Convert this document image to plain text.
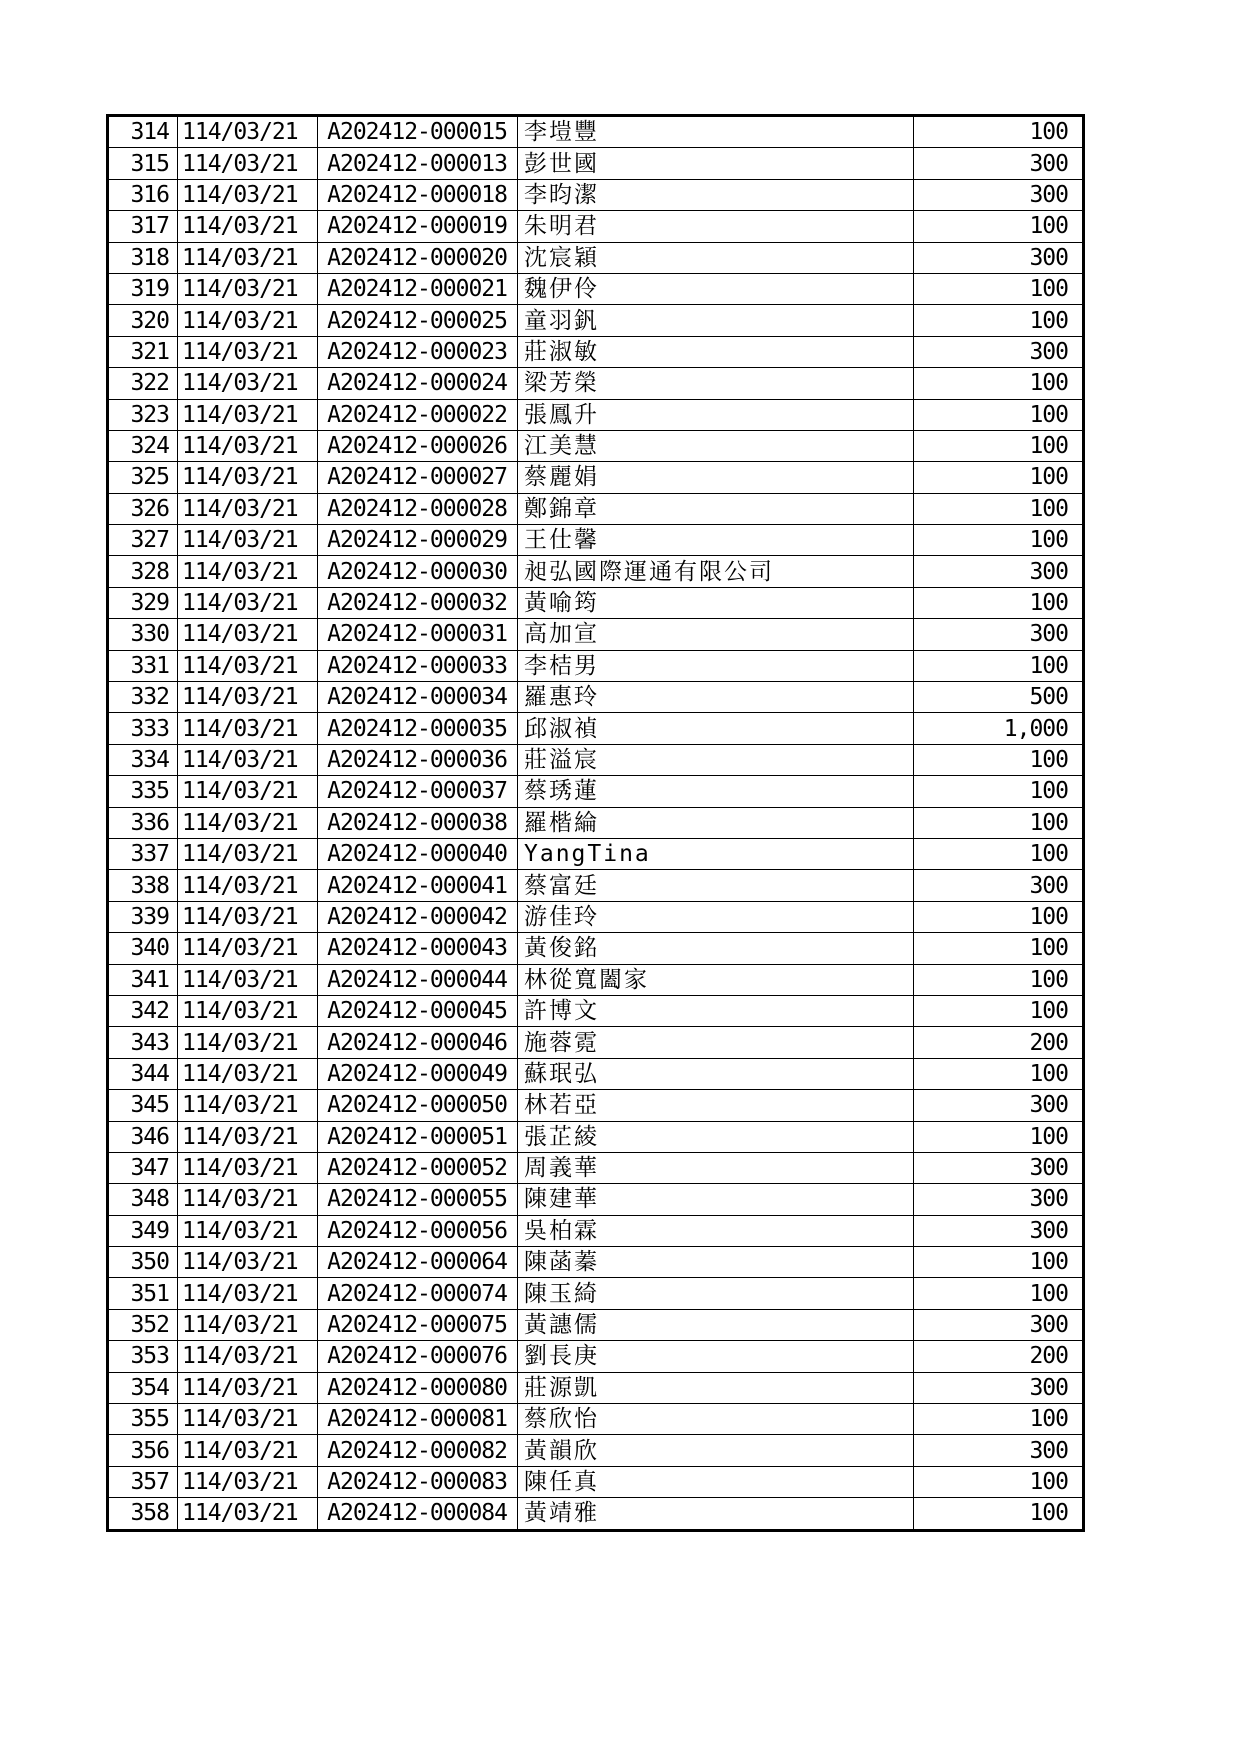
314	114/03/21	A202412-000015	李塏豐	100
315	114/03/21	A202412-000013	彭世國	300
316	114/03/21	A202412-000018	李昀潔	300
317	114/03/21	A202412-000019	朱明君	100
318	114/03/21	A202412-000020	沈宸穎	300
319	114/03/21	A202412-000021	魏伊伶	100
320	114/03/21	A202412-000025	童羽釩	100
321	114/03/21	A202412-000023	莊淑敏	300
322	114/03/21	A202412-000024	梁芳榮	100
323	114/03/21	A202412-000022	張鳳升	100
324	114/03/21	A202412-000026	江美慧	100
325	114/03/21	A202412-000027	蔡麗娟	100
326	114/03/21	A202412-000028	鄭錦章	100
327	114/03/21	A202412-000029	王仕馨	100
328	114/03/21	A202412-000030	昶弘國際運通有限公司	300
329	114/03/21	A202412-000032	黃喻筠	100
330	114/03/21	A202412-000031	高加宣	300
331	114/03/21	A202412-000033	李桔男	100
332	114/03/21	A202412-000034	羅惠玲	500
333	114/03/21	A202412-000035	邱淑禎	1,000
334	114/03/21	A202412-000036	莊溢宸	100
335	114/03/21	A202412-000037	蔡琇蓮	100
336	114/03/21	A202412-000038	羅楷綸	100
337	114/03/21	A202412-000040	YangTina	100
338	114/03/21	A202412-000041	蔡富廷	300
339	114/03/21	A202412-000042	游佳玲	100
340	114/03/21	A202412-000043	黃俊銘	100
341	114/03/21	A202412-000044	林從寬闔家	100
342	114/03/21	A202412-000045	許博文	100
343	114/03/21	A202412-000046	施蓉霓	200
344	114/03/21	A202412-000049	蘇珉弘	100
345	114/03/21	A202412-000050	林若亞	300
346	114/03/21	A202412-000051	張芷綾	100
347	114/03/21	A202412-000052	周義華	300
348	114/03/21	A202412-000055	陳建華	300
349	114/03/21	A202412-000056	吳柏霖	300
350	114/03/21	A202412-000064	陳菡蓁	100
351	114/03/21	A202412-000074	陳玉綺	100
352	114/03/21	A202412-000075	黃譓儒	300
353	114/03/21	A202412-000076	劉長庚	200
354	114/03/21	A202412-000080	莊源凱	300
355	114/03/21	A202412-000081	蔡欣怡	100
356	114/03/21	A202412-000082	黃韻欣	300
357	114/03/21	A202412-000083	陳任真	100
358	114/03/21	A202412-000084	黃靖雅	100
